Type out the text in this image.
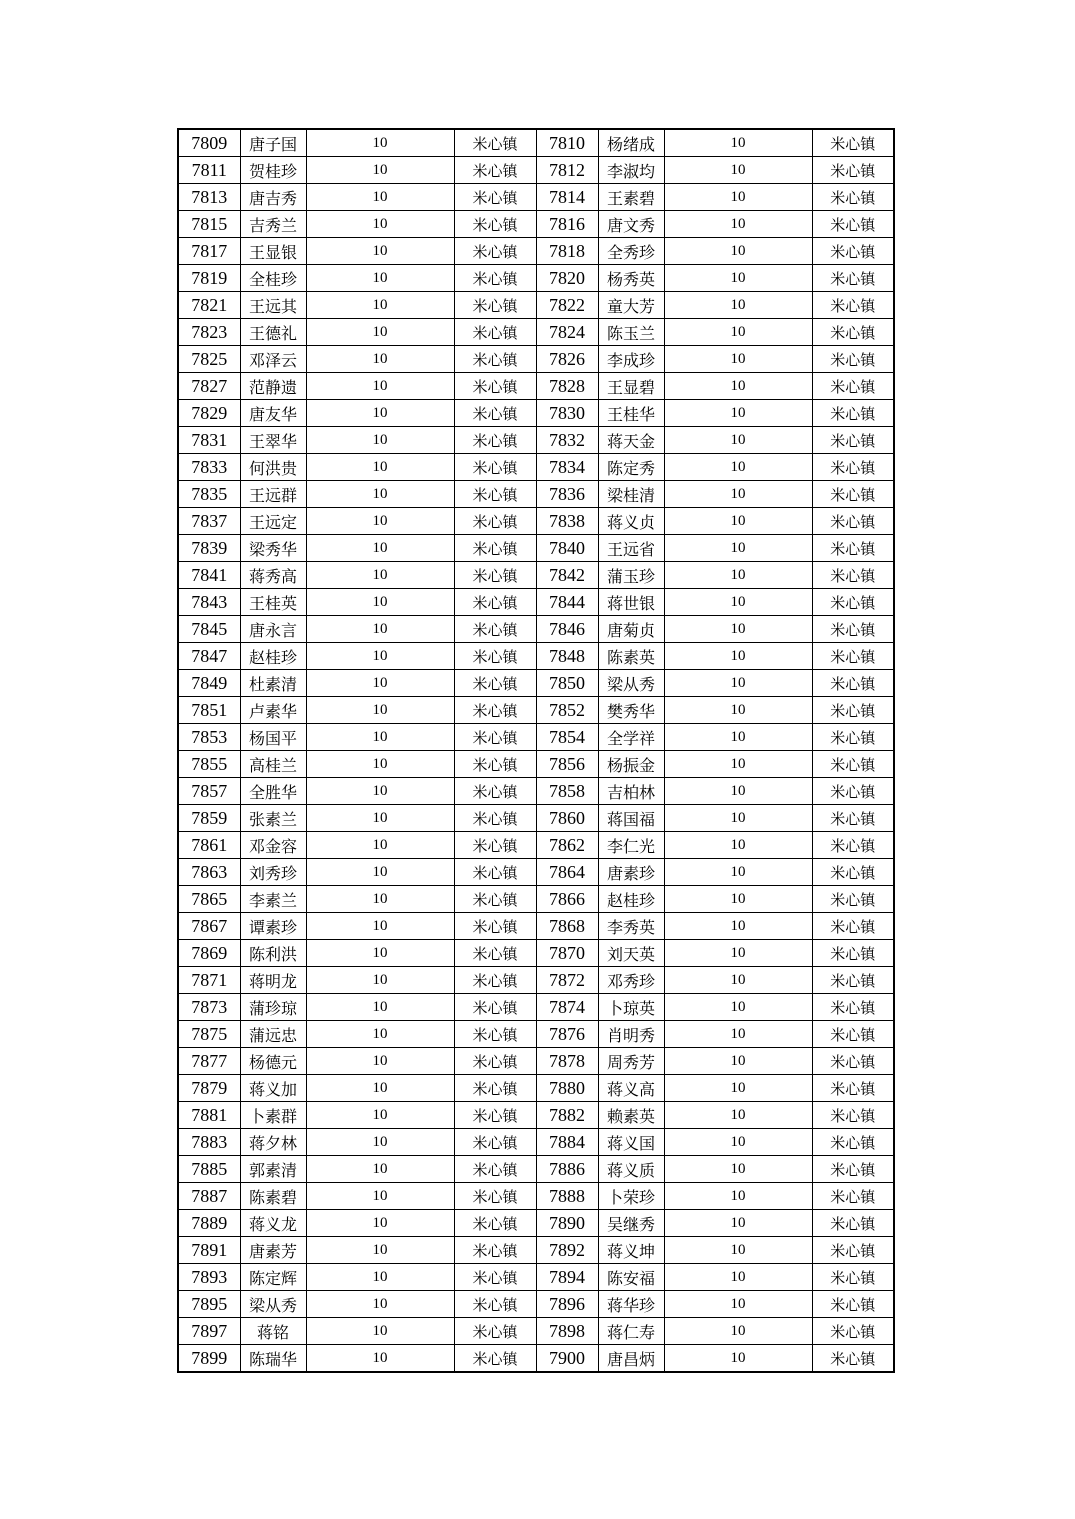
7809	唐子国	10	米心镇	7810	杨绪成	10	米心镇
7811	贺桂珍	10	米心镇	7812	李淑均	10	米心镇
7813	唐吉秀	10	米心镇	7814	王素碧	10	米心镇
7815	吉秀兰	10	米心镇	7816	唐文秀	10	米心镇
7817	王显银	10	米心镇	7818	全秀珍	10	米心镇
7819	全桂珍	10	米心镇	7820	杨秀英	10	米心镇
7821	王远其	10	米心镇	7822	童大芳	10	米心镇
7823	王德礼	10	米心镇	7824	陈玉兰	10	米心镇
7825	邓泽云	10	米心镇	7826	李成珍	10	米心镇
7827	范静遗	10	米心镇	7828	王显碧	10	米心镇
7829	唐友华	10	米心镇	7830	王桂华	10	米心镇
7831	王翠华	10	米心镇	7832	蒋天金	10	米心镇
7833	何洪贵	10	米心镇	7834	陈定秀	10	米心镇
7835	王远群	10	米心镇	7836	梁桂清	10	米心镇
7837	王远定	10	米心镇	7838	蒋义贞	10	米心镇
7839	梁秀华	10	米心镇	7840	王远省	10	米心镇
7841	蒋秀高	10	米心镇	7842	蒲玉珍	10	米心镇
7843	王桂英	10	米心镇	7844	蒋世银	10	米心镇
7845	唐永言	10	米心镇	7846	唐菊贞	10	米心镇
7847	赵桂珍	10	米心镇	7848	陈素英	10	米心镇
7849	杜素清	10	米心镇	7850	梁从秀	10	米心镇
7851	卢素华	10	米心镇	7852	樊秀华	10	米心镇
7853	杨国平	10	米心镇	7854	全学祥	10	米心镇
7855	高桂兰	10	米心镇	7856	杨振金	10	米心镇
7857	全胜华	10	米心镇	7858	吉柏林	10	米心镇
7859	张素兰	10	米心镇	7860	蒋国福	10	米心镇
7861	邓金容	10	米心镇	7862	李仁光	10	米心镇
7863	刘秀珍	10	米心镇	7864	唐素珍	10	米心镇
7865	李素兰	10	米心镇	7866	赵桂珍	10	米心镇
7867	谭素珍	10	米心镇	7868	李秀英	10	米心镇
7869	陈利洪	10	米心镇	7870	刘天英	10	米心镇
7871	蒋明龙	10	米心镇	7872	邓秀珍	10	米心镇
7873	蒲珍琼	10	米心镇	7874	卜琼英	10	米心镇
7875	蒲远忠	10	米心镇	7876	肖明秀	10	米心镇
7877	杨德元	10	米心镇	7878	周秀芳	10	米心镇
7879	蒋义加	10	米心镇	7880	蒋义高	10	米心镇
7881	卜素群	10	米心镇	7882	赖素英	10	米心镇
7883	蒋夕林	10	米心镇	7884	蒋义国	10	米心镇
7885	郭素清	10	米心镇	7886	蒋义质	10	米心镇
7887	陈素碧	10	米心镇	7888	卜荣珍	10	米心镇
7889	蒋义龙	10	米心镇	7890	吴继秀	10	米心镇
7891	唐素芳	10	米心镇	7892	蒋义坤	10	米心镇
7893	陈定辉	10	米心镇	7894	陈安福	10	米心镇
7895	梁从秀	10	米心镇	7896	蒋华珍	10	米心镇
7897	蒋铭	10	米心镇	7898	蒋仁寿	10	米心镇
7899	陈瑞华	10	米心镇	7900	唐昌炳	10	米心镇
